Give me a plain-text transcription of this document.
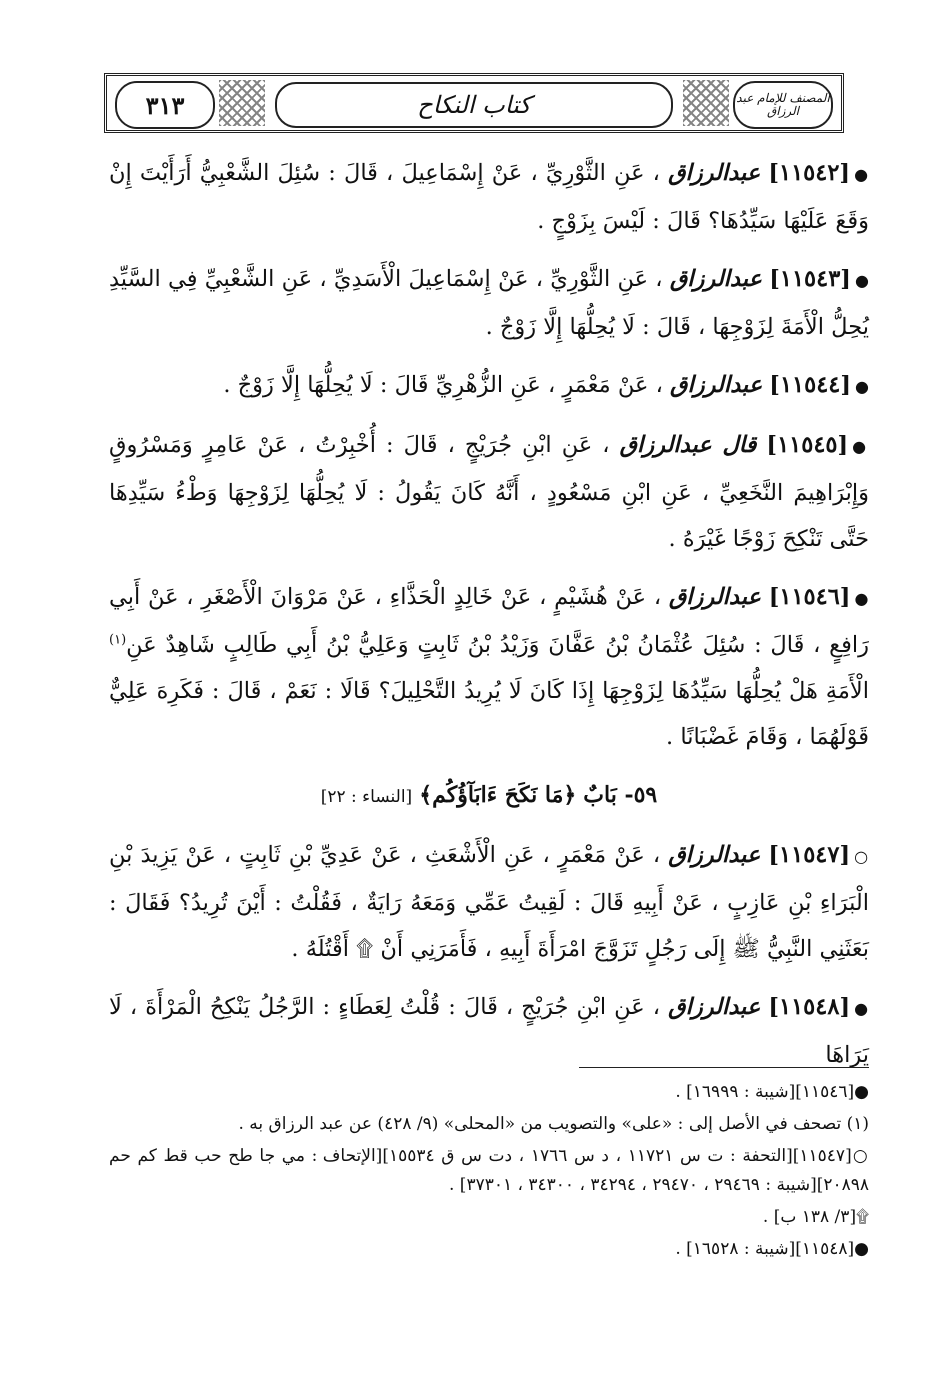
المصنف للإمام عبد الرزاق
كتاب النكاح
٣١٣

●[١١٥٤٢] عبدالرزاق ، عَنِ الثَّوْرِيِّ ، عَنْ إِسْمَاعِيلَ ، قَالَ : سُئِلَ الشَّعْبِيُّ أَرَأَيْتَ إِنْ وَقَعَ عَلَيْهَا سَيِّدُهَا؟ قَالَ : لَيْسَ بِزَوْجٍ .

●[١١٥٤٣] عبدالرزاق ، عَنِ الثَّوْرِيِّ ، عَنْ إِسْمَاعِيلَ الْأَسَدِيِّ ، عَنِ الشَّعْبِيِّ فِي السَّيِّدِ يُحِلُّ الْأَمَةَ لِزَوْجِهَا ، قَالَ : لَا يُحِلُّهَا إِلَّا زَوْجٌ .

●[١١٥٤٤] عبدالرزاق ، عَنْ مَعْمَرٍ ، عَنِ الزُّهْرِيِّ قَالَ : لَا يُحِلُّهَا إِلَّا زَوْجٌ .

●[١١٥٤٥] قال عبدالرزاق ، عَنِ ابْنِ جُرَيْجٍ ، قَالَ : أُخْبِرْتُ ، عَنْ عَامِرٍ وَمَسْرُوقٍ وَإِبْرَاهِيمَ النَّخَعِيِّ ، عَنِ ابْنِ مَسْعُودٍ ، أَنَّهُ كَانَ يَقُولُ : لَا يُحِلُّهَا لِزَوْجِهَا وَطْءُ سَيِّدِهَا حَتَّى تَنْكِحَ زَوْجًا غَيْرَهُ .

●[١١٥٤٦] عبدالرزاق ، عَنْ هُشَيْمٍ ، عَنْ خَالِدٍ الْحَذَّاءِ ، عَنْ مَرْوَانَ الْأَصْغَرِ ، عَنْ أَبِي رَافِعٍ ، قَالَ : سُئِلَ عُثْمَانُ بْنُ عَفَّانَ وَزَيْدُ بْنُ ثَابِتٍ وَعَلِيُّ بْنُ أَبِي طَالِبٍ شَاهِدٌ عَنِ$^{(١)}$ الْأَمَةِ هَلْ يُحِلُّهَا سَيِّدُهَا لِزَوْجِهَا إِذَا كَانَ لَا يُرِيدُ التَّحْلِيلَ؟ قَالَا : نَعَمْ ، قَالَ : فَكَرِهَ عَلِيٌّ قَوْلَهُمَا ، وَقَامَ غَضْبَانًا .

٥٩- بَابٌ ﴿مَا نَكَحَ ءَابَآؤُكُم﴾ [النساء : ٢٢]

○[١١٥٤٧] عبدالرزاق ، عَنْ مَعْمَرٍ ، عَنِ الْأَشْعَثِ ، عَنْ عَدِيِّ بْنِ ثَابِتٍ ، عَنْ يَزِيدَ بْنِ الْبَرَاءِ بْنِ عَازِبٍ ، عَنْ أَبِيهِ قَالَ : لَقِيتُ عَمِّي وَمَعَهُ رَايَةٌ ، فَقُلْتُ : أَيْنَ تُرِيدُ؟ فَقَالَ : بَعَثَنِي النَّبِيُّ ﷺ إِلَى رَجُلٍ تَزَوَّجَ امْرَأَةَ أَبِيهِ ، فَأَمَرَنِي أَنْ ۩ أَقْتُلَهُ .

●[١١٥٤٨] عبدالرزاق ، عَنِ ابْنِ جُرَيْجٍ ، قَالَ : قُلْتُ لِعَطَاءٍ : الرَّجُلُ يَنْكِحُ الْمَرْأَةَ ، لَا يَرَاهَا

●[١١٥٤٦][شيبة : ١٦٩٩٩] .

(١) تصحف في الأصل إلى : «على» والتصويب من «المحلى» (٩/ ٤٢٨) عن عبد الرزاق به .

○[١١٥٤٧][التحفة : ت س ١١٧٢١ ، د س ١٧٦٦ ، دت س ق ١٥٥٣٤][الإتحاف : مي جا طح حب قط كم حم ٢٠٨٩٨][شيبة : ٢٩٤٦٩ ، ٢٩٤٧٠ ، ٣٤٢٩٤ ، ٣٤٣٠٠ ، ٣٧٣٠١] .

۩[٣/ ١٣٨ ب] .

●[١١٥٤٨][شيبة : ١٦٥٢٨] .
